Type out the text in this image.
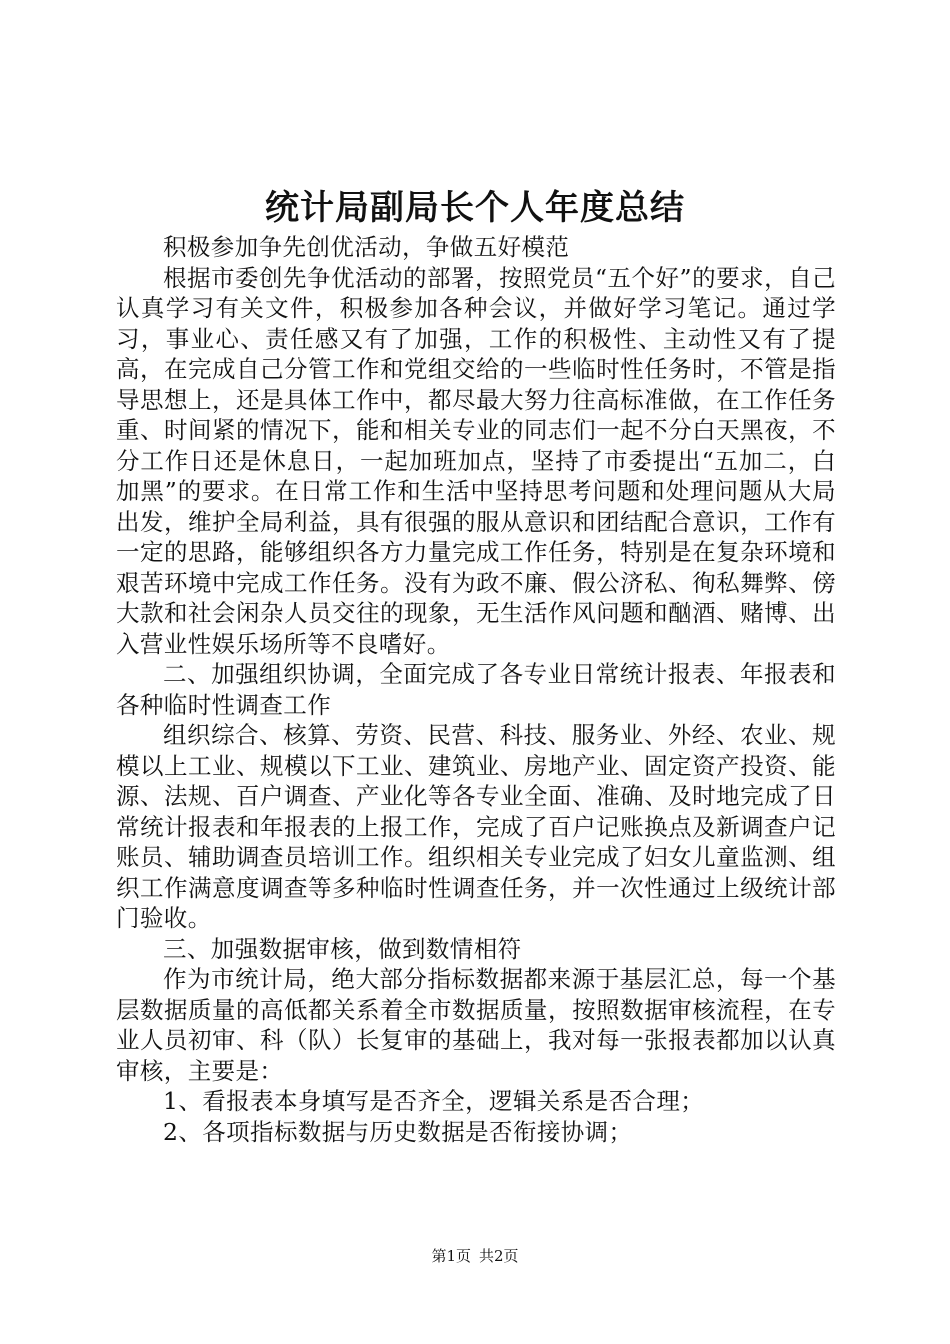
统计局副局长个人年度总结

积极参加争先创优活动，争做五好模范

根据市委创先争优活动的部署，按照党员“五个好”的要求，自己认真学习有关文件，积极参加各种会议，并做好学习笔记。通过学习，事业心、责任感又有了加强，工作的积极性、主动性又有了提高，在完成自己分管工作和党组交给的一些临时性任务时，不管是指导思想上，还是具体工作中，都尽最大努力往高标准做，在工作任务重、时间紧的情况下，能和相关专业的同志们一起不分白天黑夜，不分工作日还是休息日，一起加班加点，坚持了市委提出“五加二，白加黑”的要求。在日常工作和生活中坚持思考问题和处理问题从大局出发，维护全局利益，具有很强的服从意识和团结配合意识，工作有一定的思路，能够组织各方力量完成工作任务，特别是在复杂环境和艰苦环境中完成工作任务。没有为政不廉、假公济私、徇私舞弊、傍大款和社会闲杂人员交往的现象，无生活作风问题和酗酒、赌博、出入营业性娱乐场所等不良嗜好。

二、加强组织协调，全面完成了各专业日常统计报表、年报表和各种临时性调查工作

组织综合、核算、劳资、民营、科技、服务业、外经、农业、规模以上工业、规模以下工业、建筑业、房地产业、固定资产投资、能源、法规、百户调查、产业化等各专业全面、准确、及时地完成了日常统计报表和年报表的上报工作，完成了百户记账换点及新调查户记账员、辅助调查员培训工作。组织相关专业完成了妇女儿童监测、组织工作满意度调查等多种临时性调查任务，并一次性通过上级统计部门验收。

三、加强数据审核，做到数情相符

作为市统计局，绝大部分指标数据都来源于基层汇总，每一个基层数据质量的高低都关系着全市数据质量，按照数据审核流程，在专业人员初审、科（队）长复审的基础上，我对每一张报表都加以认真审核，主要是：

1、看报表本身填写是否齐全，逻辑关系是否合理；

2、各项指标数据与历史数据是否衔接协调；

第1页 共2页
